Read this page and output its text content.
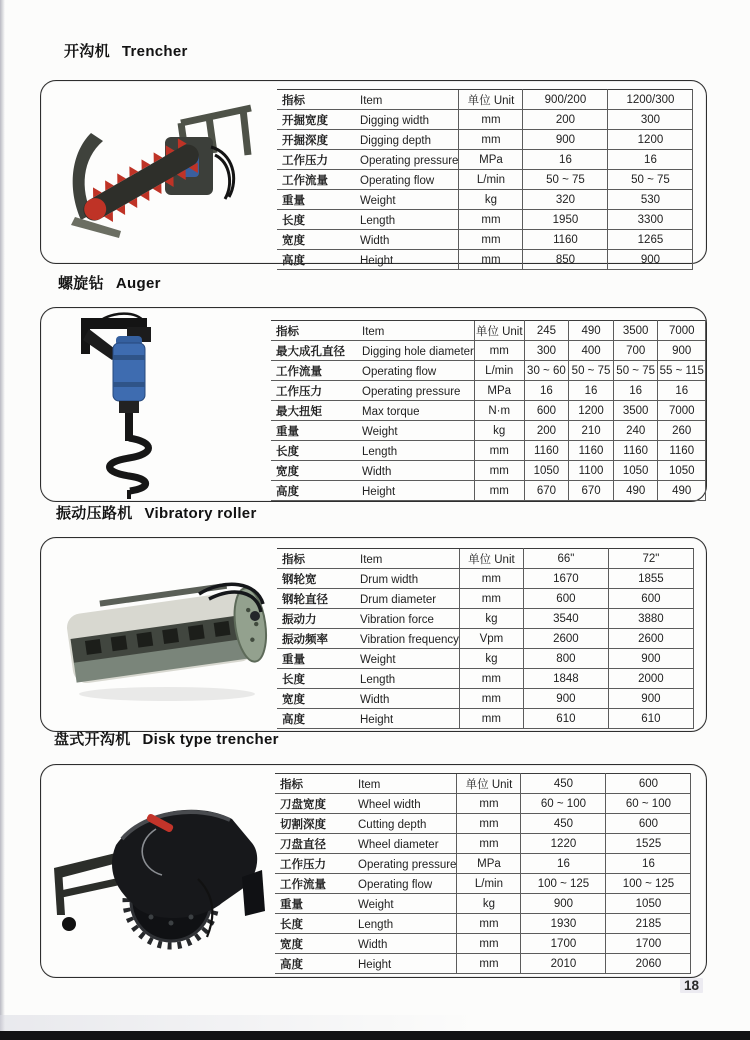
开沟机 Trencher
指标 Item	单位 Unit	900/200	1200/300
开掘宽度 Digging width	mm	200	300
开掘深度 Digging depth	mm	900	1200
工作压力 Operating pressure	MPa	16	16
工作流量 Operating flow	L/min	50 ~ 75	50 ~ 75
重量 Weight	kg	320	530
长度 Length	mm	1950	3300
宽度 Width	mm	1160	1265
高度 Height	mm	850	900
螺旋钻 Auger
指标 Item	单位 Unit	245	490	3500	7000
最大成孔直径 Digging hole diameter	mm	300	400	700	900
工作流量 Operating flow	L/min	30 ~ 60	50 ~ 75	50 ~ 75	55 ~ 115
工作压力 Operating pressure	MPa	16	16	16	16
最大扭矩 Max torque	N·m	600	1200	3500	7000
重量 Weight	kg	200	210	240	260
长度 Length	mm	1160	1160	1160	1160
宽度 Width	mm	1050	1100	1050	1050
高度 Height	mm	670	670	490	490
振动压路机 Vibratory roller
指标 Item	单位 Unit	66"	72"
钢轮宽 Drum width	mm	1670	1855
钢轮直径 Drum diameter	mm	600	600
振动力 Vibration force	kg	3540	3880
振动频率 Vibration frequency	Vpm	2600	2600
重量 Weight	kg	800	900
长度 Length	mm	1848	2000
宽度 Width	mm	900	900
高度 Height	mm	610	610
盘式开沟机 Disk type trencher
指标 Item	单位 Unit	450	600
刀盘宽度 Wheel width	mm	60 ~ 100	60 ~ 100
切割深度 Cutting depth	mm	450	600
刀盘直径 Wheel diameter	mm	1220	1525
工作压力 Operating pressure	MPa	16	16
工作流量 Operating flow	L/min	100 ~ 125	100 ~ 125
重量 Weight	kg	900	1050
长度 Length	mm	1930	2185
宽度 Width	mm	1700	1700
高度 Height	mm	2010	2060
18
